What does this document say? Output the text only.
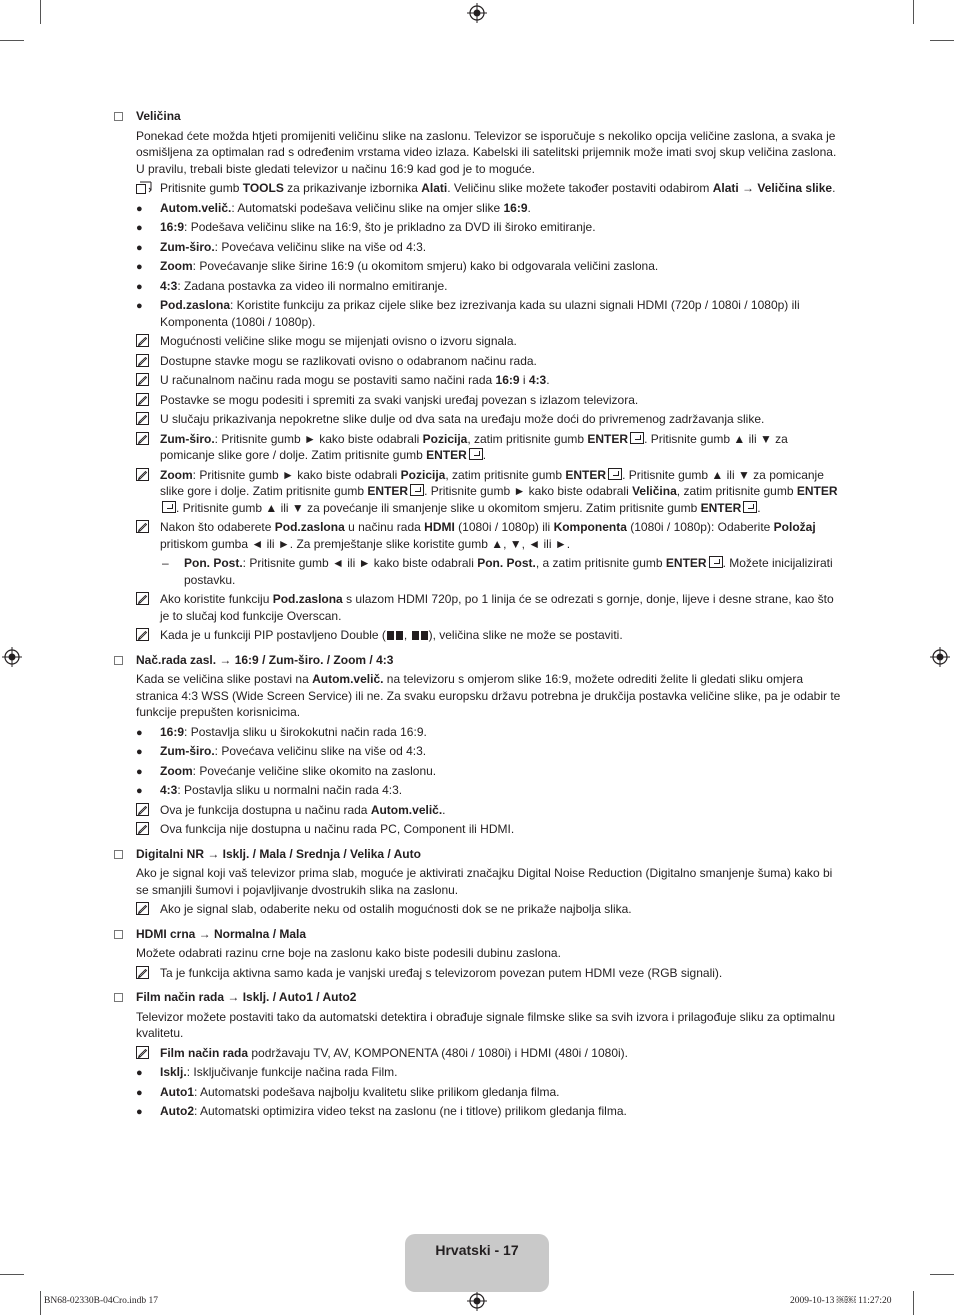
Veličina
Ponekad ćete možda htjeti promijeniti veličinu slike na zaslonu. Televizor se isporučuje s nekoliko opcija veličine zaslona, a svaka je osmišljena za optimalan rad s određenim vrstama video izlaza. Kabelski ili satelitski prijemnik može imati svoj skup veličina zaslona. U pravilu, trebali biste gledati televizor u načinu 16:9 kad god je to moguće.
Pritisnite gumb TOOLS za prikazivanje izbornika Alati. Veličinu slike možete također postaviti odabirom Alati → Veličina slike.
●	Autom.velič.: Automatski podešava veličinu slike na omjer slike 16:9.
●	16:9: Podešava veličinu slike na 16:9, što je prikladno za DVD ili široko emitiranje.
●	Zum-širo.: Povećava veličinu slike na više od 4:3.
●	Zoom: Povećavanje slike širine 16:9 (u okomitom smjeru) kako bi odgovarala veličini zaslona.
●	4:3: Zadana postavka za video ili normalno emitiranje.
●	Pod.zaslona: Koristite funkciju za prikaz cijele slike bez izrezivanja kada su ulazni signali HDMI (720p / 1080i / 1080p) ili Komponenta (1080i / 1080p).
Mogućnosti veličine slike mogu se mijenjati ovisno o izvoru signala.
Dostupne stavke mogu se razlikovati ovisno o odabranom načinu rada.
U računalnom načinu rada mogu se postaviti samo načini rada 16:9 i 4:3.
Postavke se mogu podesiti i spremiti za svaki vanjski uređaj povezan s izlazom televizora.
U slučaju prikazivanja nepokretne slike dulje od dva sata na uređaju može doći do privremenog zadržavanja slike.
Zum-širo.: Pritisnite gumb ► kako biste odabrali Pozicija, zatim pritisnite gumb ENTER . Pritisnite gumb ▲ ili ▼ za pomicanje slike gore / dolje. Zatim pritisnite gumb ENTER .
Zoom: Pritisnite gumb ► kako biste odabrali Pozicija, zatim pritisnite gumb ENTER . Pritisnite gumb ▲ ili ▼ za pomicanje slike gore i dolje. Zatim pritisnite gumb ENTER . Pritisnite gumb ► kako biste odabrali Veličina, zatim pritisnite gumb ENTER. Pritisnite gumb ▲ ili ▼ za povećanje ili smanjenje slike u okomitom smjeru. Zatim pritisnite gumb ENTER .
Nakon što odaberete Pod.zaslona u načinu rada HDMI (1080i / 1080p) ili Komponenta (1080i / 1080p): Odaberite Položaj pritiskom gumba ◄ ili ►. Za premještanje slike koristite gumb ▲, ▼, ◄ ili ►.
– Pon. Post.: Pritisnite gumb ◄ ili ► kako biste odabrali Pon. Post., a zatim pritisnite gumb ENTER . Možete inicijalizirati postavku.
Ako koristite funkciju Pod.zaslona s ulazom HDMI 720p, po 1 linija će se odrezati s gornje, donje, lijeve i desne strane, kao što je to slučaj kod funkcije Overscan.
Kada je u funkciji PIP postavljeno Double ( , ), veličina slike ne može se postaviti.
Nač.rada zasl. → 16:9 / Zum-širo. / Zoom / 4:3
Kada se veličina slike postavi na Autom.velič. na televizoru s omjerom slike 16:9, možete odrediti želite li gledati sliku omjera stranica 4:3 WSS (Wide Screen Service) ili ne. Za svaku europsku državu potrebna je drukčija postavka veličine slike, pa je odabir te funkcije prepušten korisnicima.
●	16:9: Postavlja sliku u širokokutni način rada 16:9.
●	Zum-širo.: Povećava veličinu slike na više od 4:3.
●	Zoom: Povećanje veličine slike okomito na zaslonu.
●	4:3: Postavlja sliku u normalni način rada 4:3.
Ova je funkcija dostupna u načinu rada Autom.velič..
Ova funkcija nije dostupna u načinu rada PC, Component ili HDMI.
Digitalni NR → Isklj. / Mala / Srednja / Velika / Auto
Ako je signal koji vaš televizor prima slab, moguće je aktivirati značajku Digital Noise Reduction (Digitalno smanjenje šuma) kako bi se smanjili šumovi i pojavljivanje dvostrukih slika na zaslonu.
Ako je signal slab, odaberite neku od ostalih mogućnosti dok se ne prikaže najbolja slika.
HDMI crna → Normalna / Mala
Možete odabrati razinu crne boje na zaslonu kako biste podesili dubinu zaslona.
Ta je funkcija aktivna samo kada je vanjski uređaj s televizorom povezan putem HDMI veze (RGB signali).
Film način rada → Isklj. / Auto1 / Auto2
Televizor možete postaviti tako da automatski detektira i obrađuje signale filmske slike sa svih izvora i prilagođuje sliku za optimalnu kvalitetu.
Film način rada podržavaju TV, AV, KOMPONENTA (480i / 1080i) i HDMI (480i / 1080i).
●	Isklj.: Isključivanje funkcije načina rada Film.
●	Auto1: Automatski podešava najbolju kvalitetu slike prilikom gledanja filma.
●	Auto2: Automatski optimizira video tekst na zaslonu (ne i titlove) prilikom gledanja filma.
Hrvatski - 17
BN68-02330B-04Cro.indb 17	2009-10-13 ￼￼ 11:27:20
